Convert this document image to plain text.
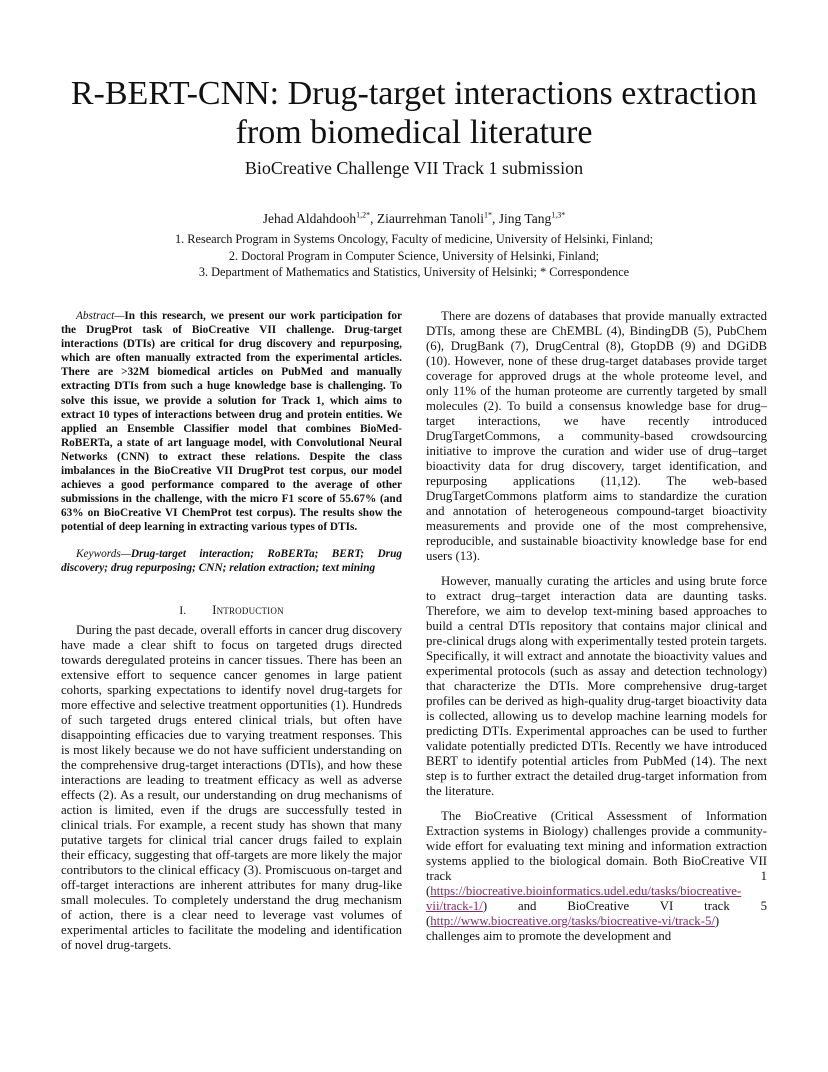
R-BERT-CNN: Drug-target interactions extraction from biomedical literature

BioCreative Challenge VII Track 1 submission

Jehad Aldahdooh$^{1,2*}$, Ziaurrehman Tanoli$^{1*}$, Jing Tang$^{1,3*}$

1. Research Program in Systems Oncology, Faculty of medicine, University of Helsinki, Finland;
2. Doctoral Program in Computer Science, University of Helsinki, Finland;
3. Department of Mathematics and Statistics, University of Helsinki; * Correspondence

Abstract—In this research, we present our work participation for the DrugProt task of BioCreative VII challenge. Drug-target interactions (DTIs) are critical for drug discovery and repurposing, which are often manually extracted from the experimental articles. There are >32M biomedical articles on PubMed and manually extracting DTIs from such a huge knowledge base is challenging. To solve this issue, we provide a solution for Track 1, which aims to extract 10 types of interactions between drug and protein entities. We applied an Ensemble Classifier model that combines BioMed-RoBERTa, a state of art language model, with Convolutional Neural Networks (CNN) to extract these relations. Despite the class imbalances in the BioCreative VII DrugProt test corpus, our model achieves a good performance compared to the average of other submissions in the challenge, with the micro F1 score of 55.67% (and 63% on BioCreative VI ChemProt test corpus). The results show the potential of deep learning in extracting various types of DTIs.

Keywords—Drug-target interaction; RoBERTa; BERT; Drug discovery; drug repurposing; CNN; relation extraction; text mining

I. Introduction

During the past decade, overall efforts in cancer drug discovery have made a clear shift to focus on targeted drugs directed towards deregulated proteins in cancer tissues. There has been an extensive effort to sequence cancer genomes in large patient cohorts, sparking expectations to identify novel drug-targets for more effective and selective treatment opportunities (1). Hundreds of such targeted drugs entered clinical trials, but often have disappointing efficacies due to varying treatment responses. This is most likely because we do not have sufficient understanding on the comprehensive drug-target interactions (DTIs), and how these interactions are leading to treatment efficacy as well as adverse effects (2). As a result, our understanding on drug mechanisms of action is limited, even if the drugs are successfully tested in clinical trials. For example, a recent study has shown that many putative targets for clinical trial cancer drugs failed to explain their efficacy, suggesting that off-targets are more likely the major contributors to the clinical efficacy (3). Promiscuous on-target and off-target interactions are inherent attributes for many drug-like small molecules. To completely understand the drug mechanism of action, there is a clear need to leverage vast volumes of experimental articles to facilitate the modeling and identification of novel drug-targets.

There are dozens of databases that provide manually extracted DTIs, among these are ChEMBL (4), BindingDB (5), PubChem (6), DrugBank (7), DrugCentral (8), GtopDB (9) and DGiDB (10). However, none of these drug-target databases provide target coverage for approved drugs at the whole proteome level, and only 11% of the human proteome are currently targeted by small molecules (2). To build a consensus knowledge base for drug–target interactions, we have recently introduced DrugTargetCommons, a community-based crowdsourcing initiative to improve the curation and wider use of drug–target bioactivity data for drug discovery, target identification, and repurposing applications (11,12). The web-based DrugTargetCommons platform aims to standardize the curation and annotation of heterogeneous compound-target bioactivity measurements and provide one of the most comprehensive, reproducible, and sustainable bioactivity knowledge base for end users (13).

However, manually curating the articles and using brute force to extract drug–target interaction data are daunting tasks. Therefore, we aim to develop text-mining based approaches to build a central DTIs repository that contains major clinical and pre-clinical drugs along with experimentally tested protein targets. Specifically, it will extract and annotate the bioactivity values and experimental protocols (such as assay and detection technology) that characterize the DTIs. More comprehensive drug-target profiles can be derived as high-quality drug-target bioactivity data is collected, allowing us to develop machine learning models for predicting DTIs. Experimental approaches can be used to further validate potentially predicted DTIs. Recently we have introduced BERT to identify potential articles from PubMed (14). The next step is to further extract the detailed drug-target information from the literature.

The BioCreative (Critical Assessment of Information Extraction systems in Biology) challenges provide a community-wide effort for evaluating text mining and information extraction systems applied to the biological domain. Both BioCreative VII track 1 (https://biocreative.bioinformatics.udel.edu/tasks/biocreative-vii/track-1/) and BioCreative VI track 5 (http://www.biocreative.org/tasks/biocreative-vi/track-5/) challenges aim to promote the development and
